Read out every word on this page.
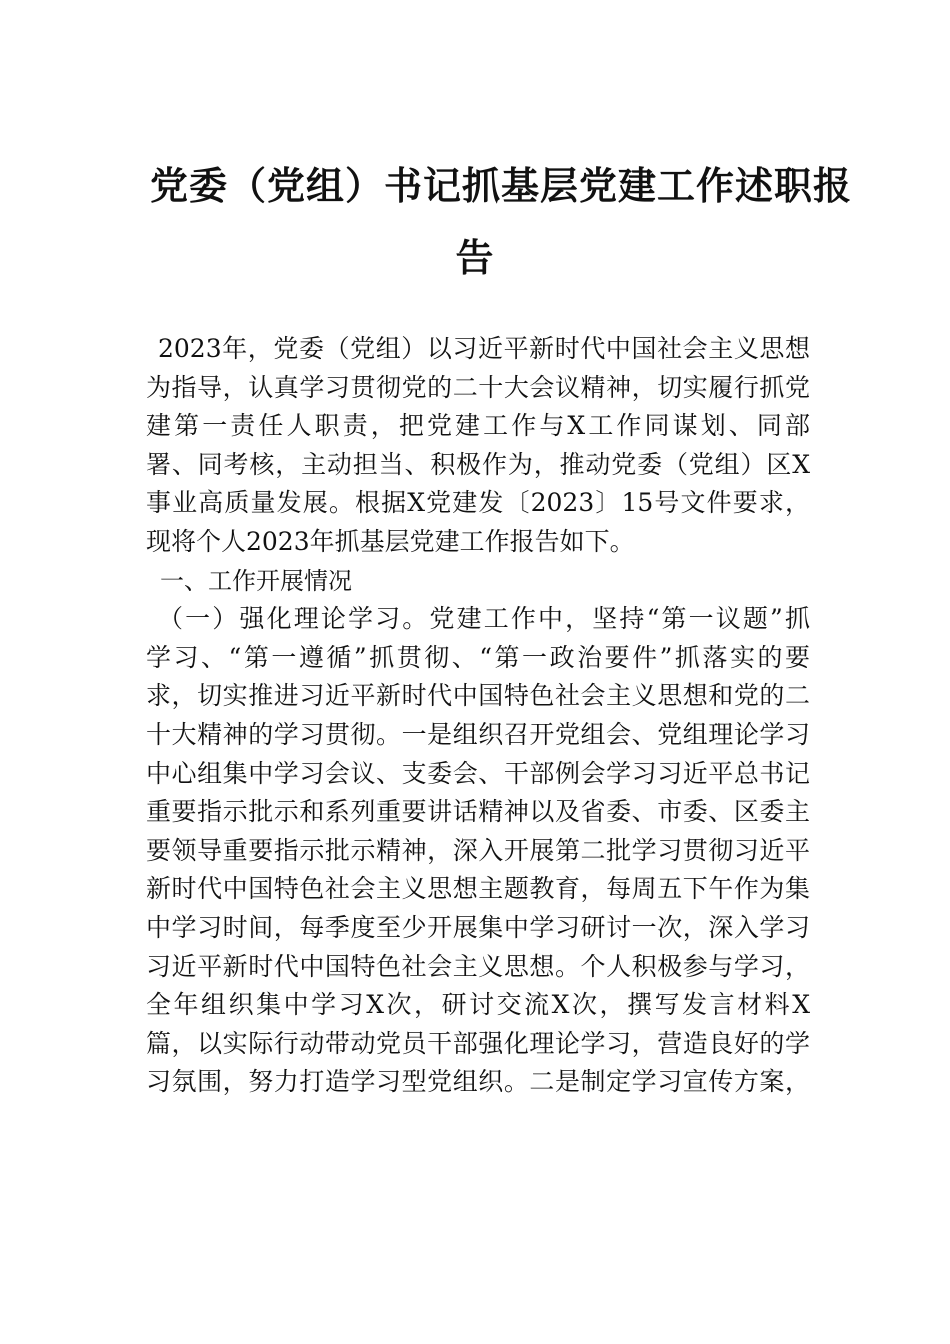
党委（党组）书记抓基层党建工作述职报
告
2023年，党委（党组）以习近平新时代中国社会主义思想
为指导，认真学习贯彻党的二十大会议精神，切实履行抓党
建第一责任人职责，把党建工作与X工作同谋划、同部
署、同考核，主动担当、积极作为，推动党委（党组）区X
事业高质量发展。根据X党建发〔2023〕15号文件要求，
现将个人2023年抓基层党建工作报告如下。
一、工作开展情况
（一）强化理论学习。党建工作中，坚持“第一议题”抓
学习、“第一遵循”抓贯彻、“第一政治要件”抓落实的要
求，切实推进习近平新时代中国特色社会主义思想和党的二
十大精神的学习贯彻。一是组织召开党组会、党组理论学习
中心组集中学习会议、支委会、干部例会学习习近平总书记
重要指示批示和系列重要讲话精神以及省委、市委、区委主
要领导重要指示批示精神，深入开展第二批学习贯彻习近平
新时代中国特色社会主义思想主题教育，每周五下午作为集
中学习时间，每季度至少开展集中学习研讨一次，深入学习
习近平新时代中国特色社会主义思想。个人积极参与学习，
全年组织集中学习X次，研讨交流X次，撰写发言材料X
篇，以实际行动带动党员干部强化理论学习，营造良好的学
习氛围，努力打造学习型党组织。二是制定学习宣传方案，
